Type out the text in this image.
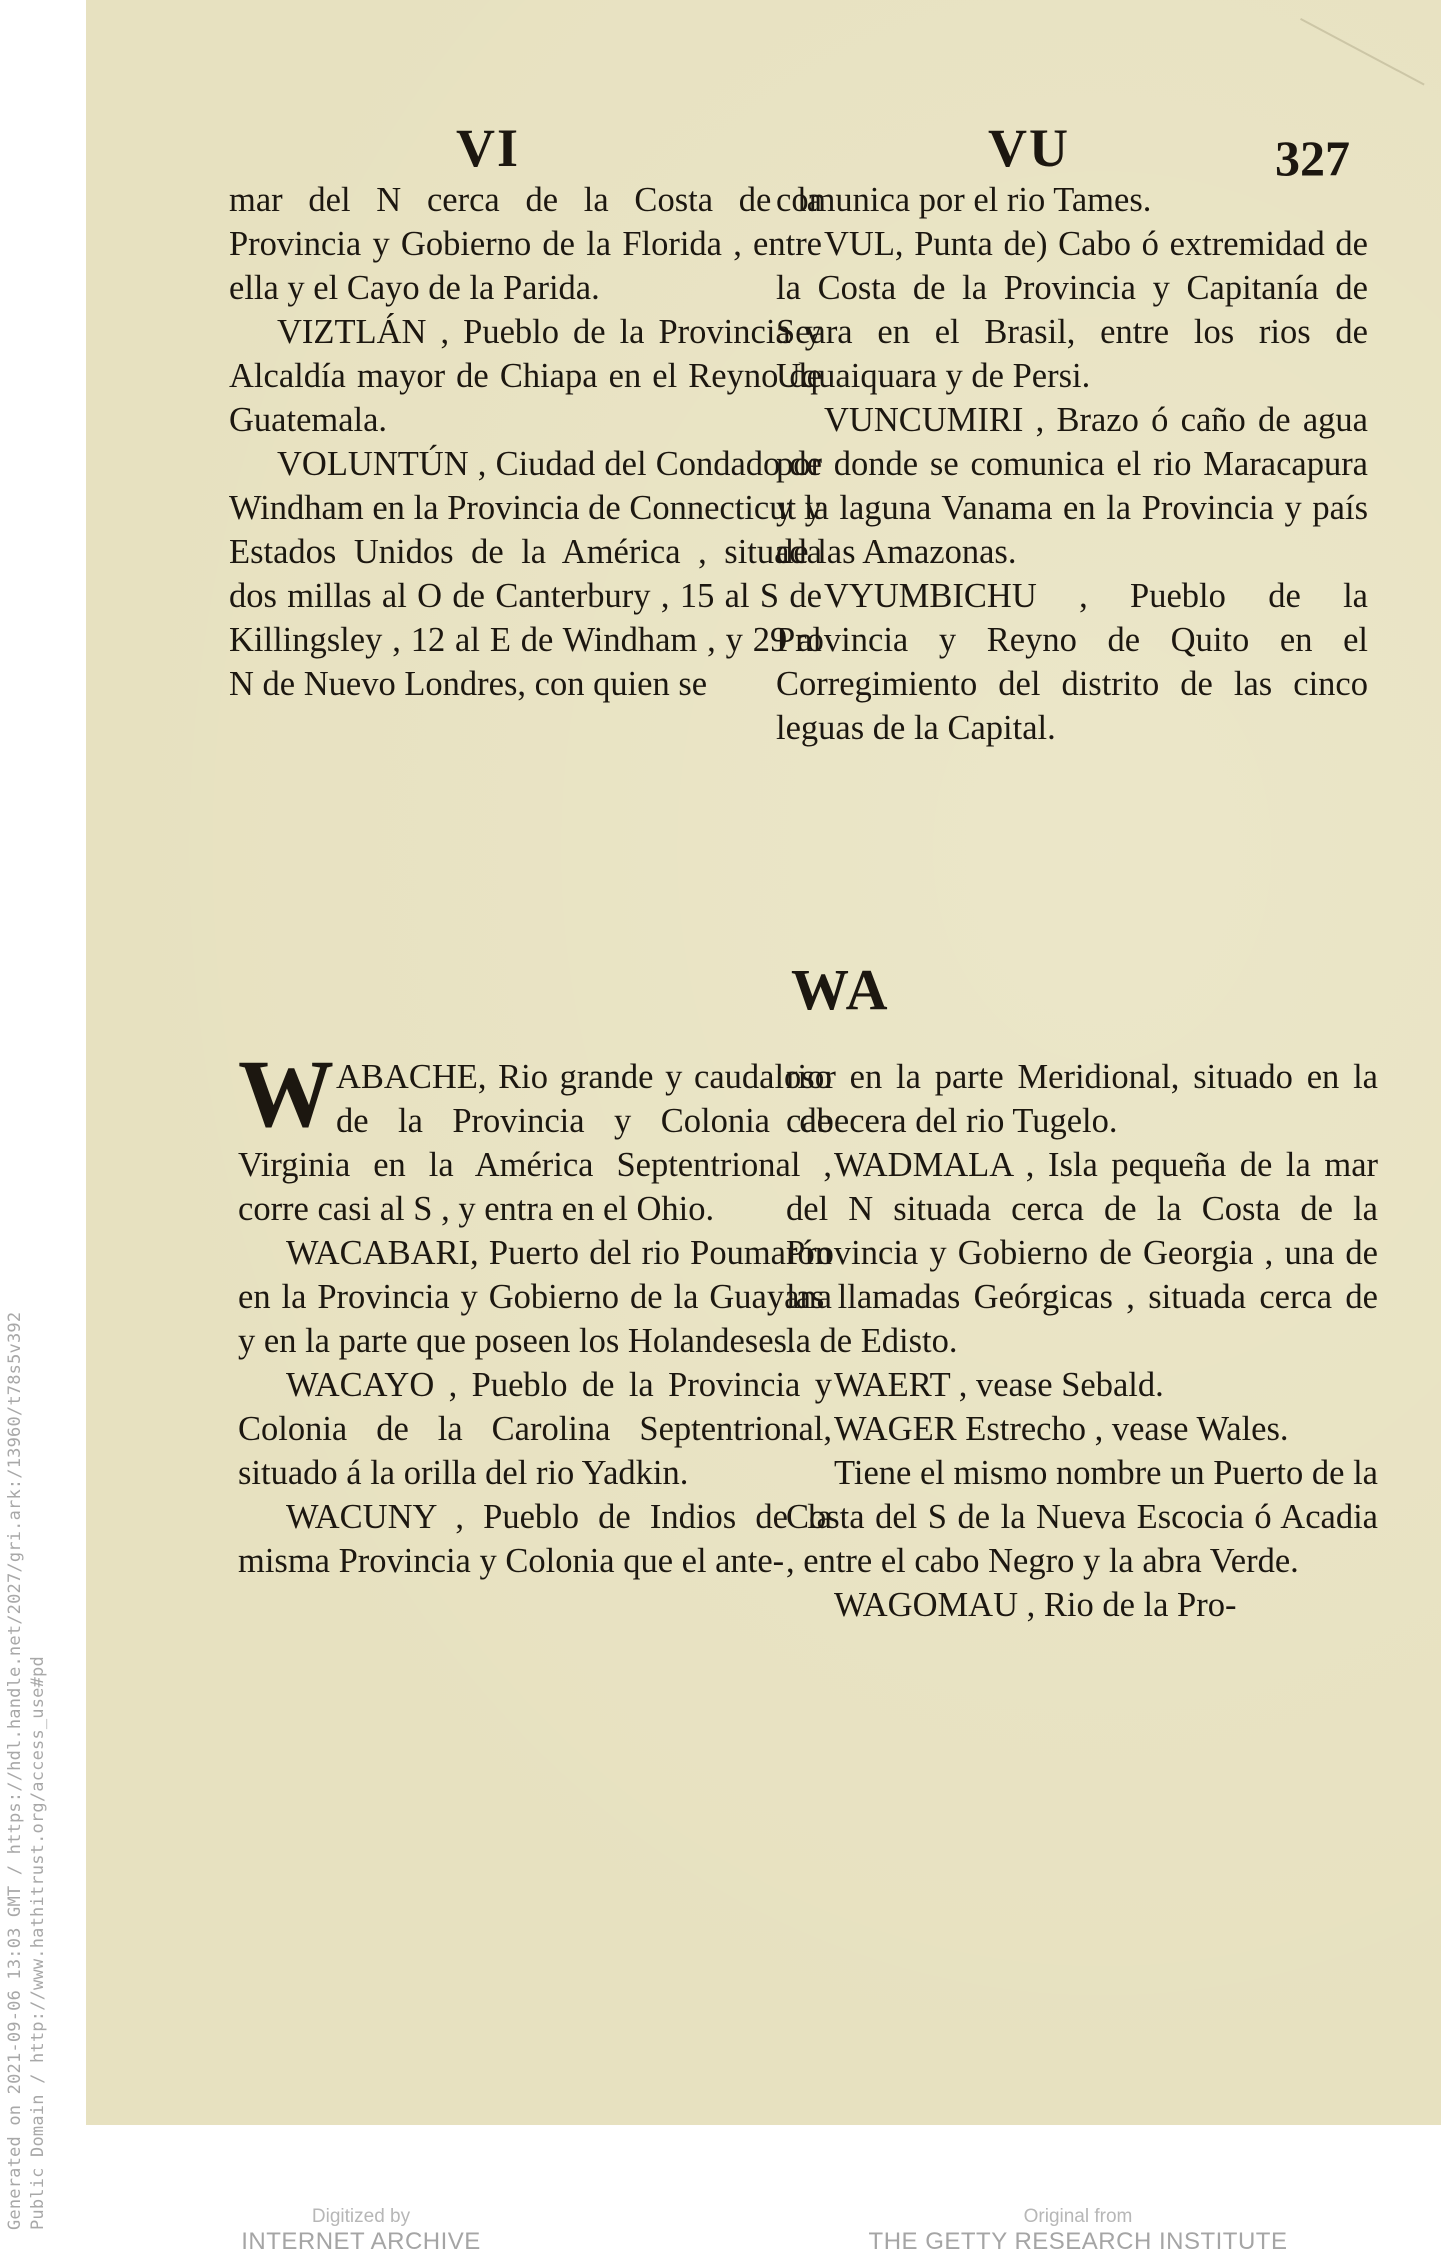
Generated on 2021-09-06 13:03 GMT / https://hdl.handle.net/2027/gri.ark:/13960/t78s5v392 Public Domain / http://www.hathitrust.org/access_use#pd
VI	VU	327

mar del N cerca de la Costa de la Provincia y Gobierno de la Florida , entre ella y el Cayo de la Parida.

VIZTLÁN , Pueblo de la Provincia y Alcaldía mayor de Chiapa en el Reyno de Guatemala.

VOLUNTÚN , Ciudad del Condado de Windham en la Provincia de Connecticut y Estados Unidos de la América , situada dos millas al O de Canterbury , 15 al S de Killingsley , 12 al E de Windham , y 29 al N de Nuevo Londres, con quien se

comunica por el rio Tames.

VUL, Punta de) Cabo ó extremidad de la Costa de la Provincia y Capitanía de Seara en el Brasil, entre los rios de Uquaiquara y de Persi.

VUNCUMIRI , Brazo ó caño de agua por donde se comunica el rio Maracapura y la laguna Vanama en la Provincia y país de las Amazonas.

VYUMBICHU , Pueblo de la Provincia y Reyno de Quito en el Corregimiento del distrito de las cinco leguas de la Capital.

WA

WABACHE, Rio grande y caudaloso de la Provincia y Colonia de Virginia en la América Septentrional , corre casi al S , y entra en el Ohio.

WACABARI, Puerto del rio Poumarón en la Provincia y Gobierno de la Guayana y en la parte que poseen los Holandeses.

WACAYO , Pueblo de la Provincia y Colonia de la Carolina Septentrional, situado á la orilla del rio Yadkin.

WACUNY , Pueblo de Indios de la misma Provincia y Colonia que el ante-

rior en la parte Meridional, situado en la cabecera del rio Tugelo.

WADMALA , Isla pequeña de la mar del N situada cerca de la Costa de la Provincia y Gobierno de Georgia , una de las llamadas Geórgicas , situada cerca de la de Edisto.

WAERT , vease Sebald.

WAGER Estrecho , vease Wales.

Tiene el mismo nombre un Puerto de la Costa del S de la Nueva Escocia ó Acadia , entre el cabo Negro y la abra Verde.

WAGOMAU , Rio de la Pro-

Digitized by
INTERNET ARCHIVE
Original from
THE GETTY RESEARCH INSTITUTE
